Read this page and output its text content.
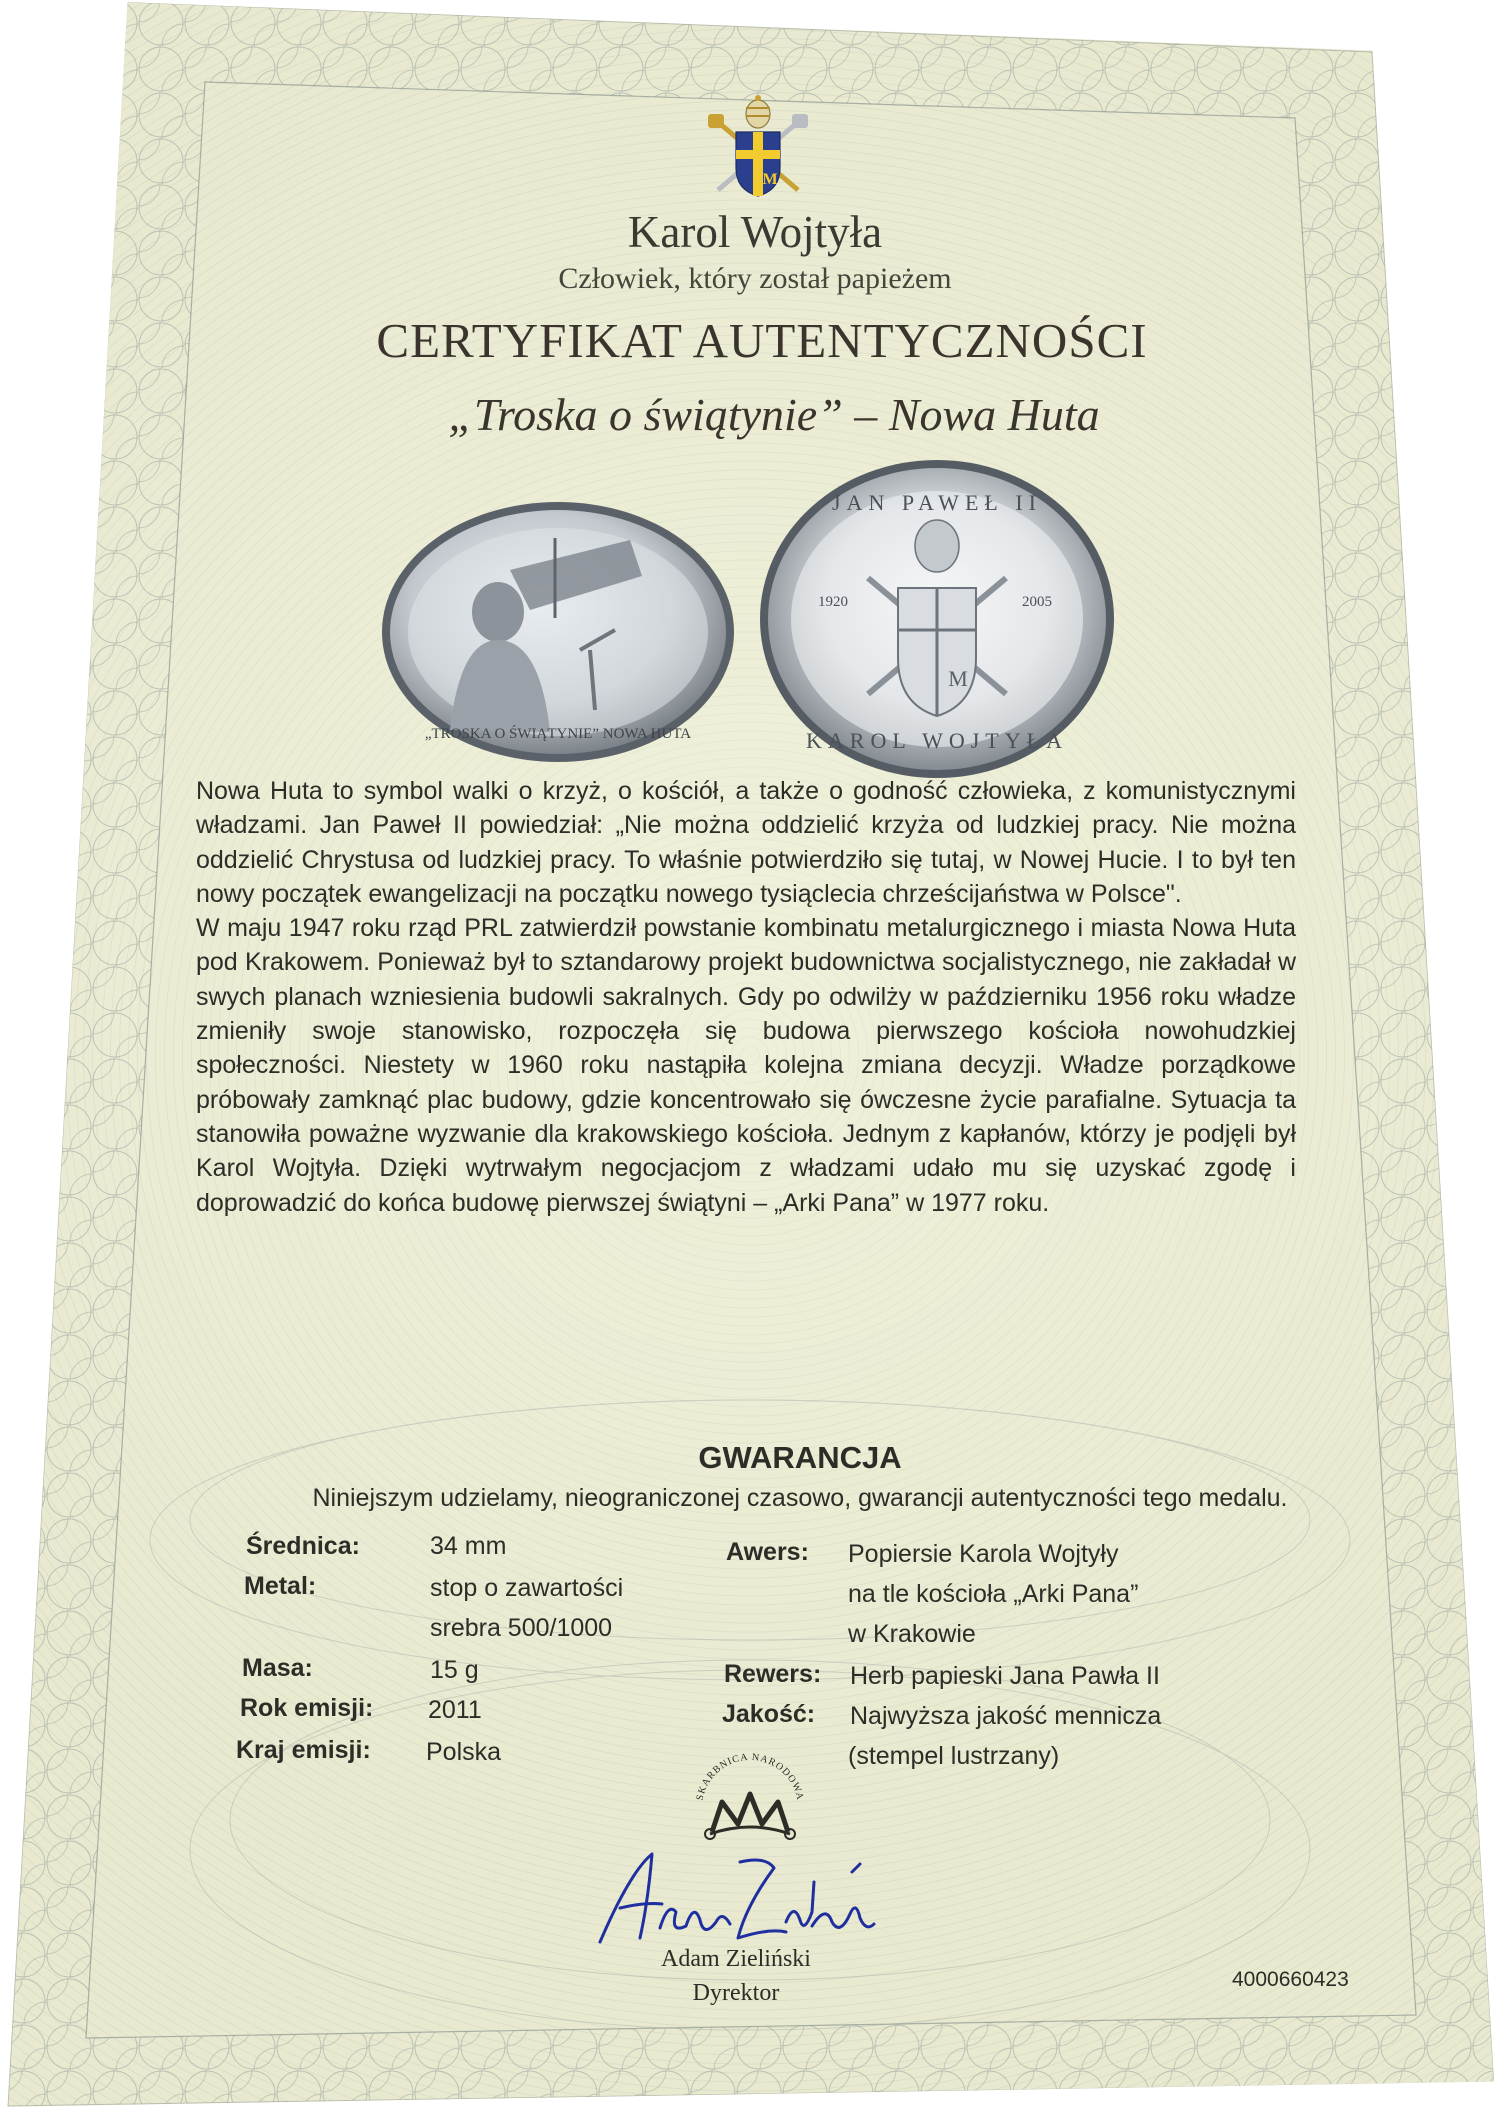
M
Karol Wojtyła
Człowiek, który został papieżem
CERTYFIKAT AUTENTYCZNOŚCI
„Troska o świątynie” – Nowa Huta
„TROSKA O ŚWIĄTYNIE” NOWA HUTA
M
JAN PAWEŁ II
KAROL WOJTYŁA
1920	2005

Nowa Huta to symbol walki o krzyż, o kościół, a także o godność człowieka, z komunistycznymi władzami. Jan Paweł II powiedział: „Nie można oddzielić krzyża od ludzkiej pracy. Nie można oddzielić Chrystusa od ludzkiej pracy. To właśnie potwierdziło się tutaj, w Nowej Hucie. I to był ten nowy początek ewangelizacji na początku nowego tysiąclecia chrześcijaństwa w Polsce".

W maju 1947 roku rząd PRL zatwierdził powstanie kombinatu metalurgicznego i miasta Nowa Huta pod Krakowem. Ponieważ był to sztandarowy projekt budownictwa socjalistycznego, nie zakładał w swych planach wzniesienia budowli sakralnych. Gdy po odwilży w październiku 1956 roku władze zmieniły swoje stanowisko, rozpoczęła się budowa pierwszego kościoła nowohudzkiej społeczności. Niestety w 1960 roku nastąpiła kolejna zmiana decyzji. Władze porządkowe próbowały zamknąć plac budowy, gdzie koncentrowało się ówczesne życie parafialne. Sytuacja ta stanowiła poważne wyzwanie dla krakowskiego kościoła. Jednym z kapłanów, którzy je podjęli był Karol Wojtyła. Dzięki wytrwałym negocjacjom z władzami udało mu się uzyskać zgodę i doprowadzić do końca budowę pierwszej świątyni – „Arki Pana” w 1977 roku.

GWARANCJA
Niniejszym udzielamy, nieograniczonej czasowo, gwarancji autentyczności tego medalu.
Średnica:	34 mm
Metal:	stop o zawartości
srebra 500/1000
Masa:	15 g
Rok emisji: 2011
Kraj emisji: Polska
Awers: Popiersie Karola Wojtyły
na tle kościoła „Arki Pana”
w Krakowie
Rewers: Herb papieski Jana Pawła II
Jakość: Najwyższa jakość mennicza
(stempel lustrzany)
SKARBNICA NARODOWA
Adam Zieliński
Dyrektor
4000660423
